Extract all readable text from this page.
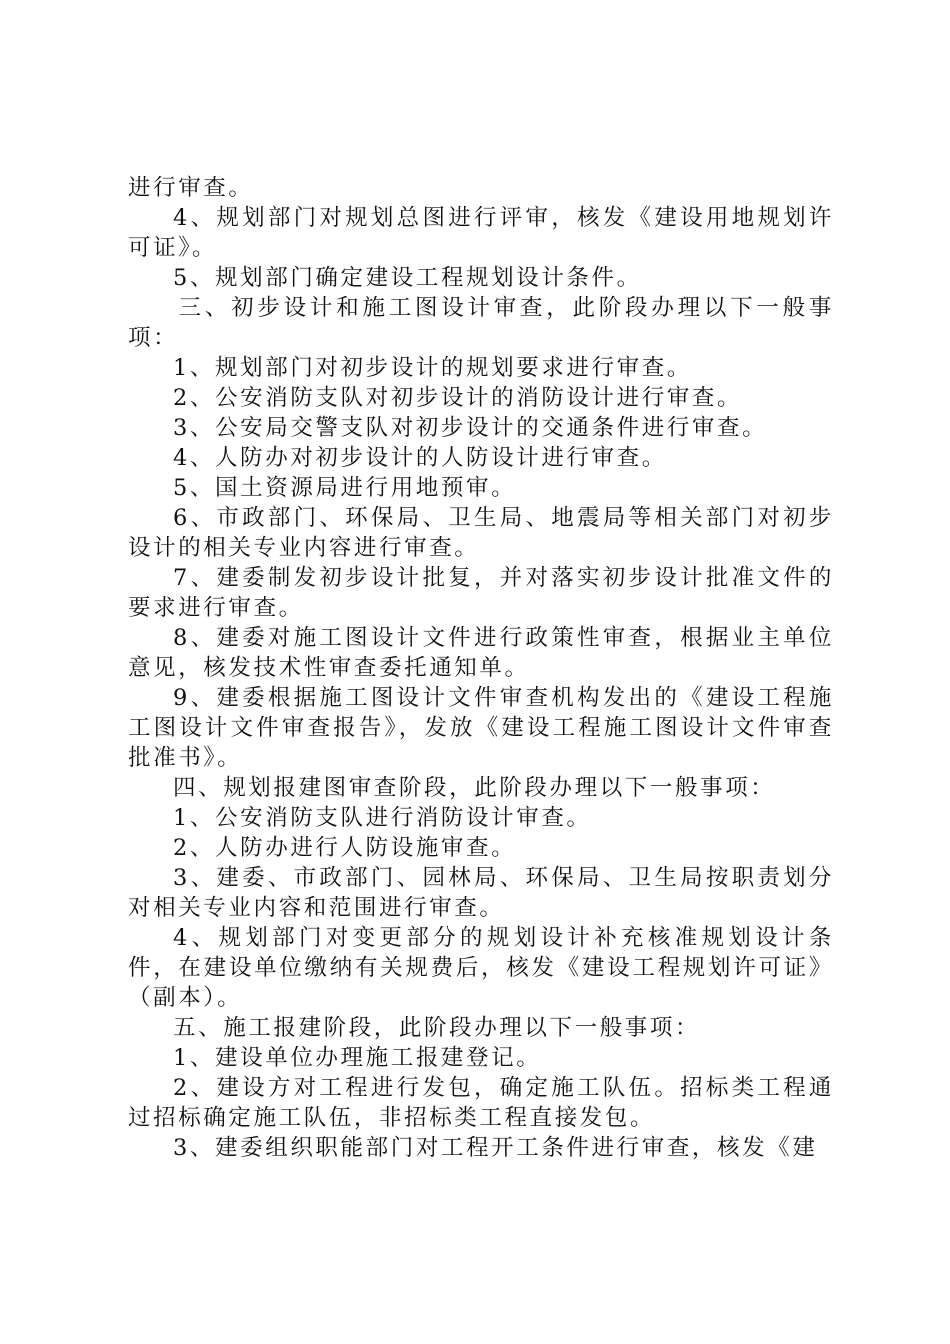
进行审查。

4、规划部门对规划总图进行评审，核发《建设用地规划许可证》。

5、规划部门确定建设工程规划设计条件。

三、初步设计和施工图设计审查，此阶段办理以下一般事项：

1、规划部门对初步设计的规划要求进行审查。

2、公安消防支队对初步设计的消防设计进行审查。

3、公安局交警支队对初步设计的交通条件进行审查。

4、人防办对初步设计的人防设计进行审查。

5、国土资源局进行用地预审。

6、市政部门、环保局、卫生局、地震局等相关部门对初步设计的相关专业内容进行审查。

7、建委制发初步设计批复，并对落实初步设计批准文件的要求进行审查。

8、建委对施工图设计文件进行政策性审查，根据业主单位意见，核发技术性审查委托通知单。

9、建委根据施工图设计文件审查机构发出的《建设工程施工图设计文件审查报告》，发放《建设工程施工图设计文件审查批准书》。

四、规划报建图审查阶段，此阶段办理以下一般事项：

1、公安消防支队进行消防设计审查。

2、人防办进行人防设施审查。

3、建委、市政部门、园林局、环保局、卫生局按职责划分对相关专业内容和范围进行审查。

4、规划部门对变更部分的规划设计补充核准规划设计条件，在建设单位缴纳有关规费后，核发《建设工程规划许可证》（副本）。

五、施工报建阶段，此阶段办理以下一般事项：

1、建设单位办理施工报建登记。

2、建设方对工程进行发包，确定施工队伍。招标类工程通过招标确定施工队伍，非招标类工程直接发包。

3、建委组织职能部门对工程开工条件进行审查，核发《建
